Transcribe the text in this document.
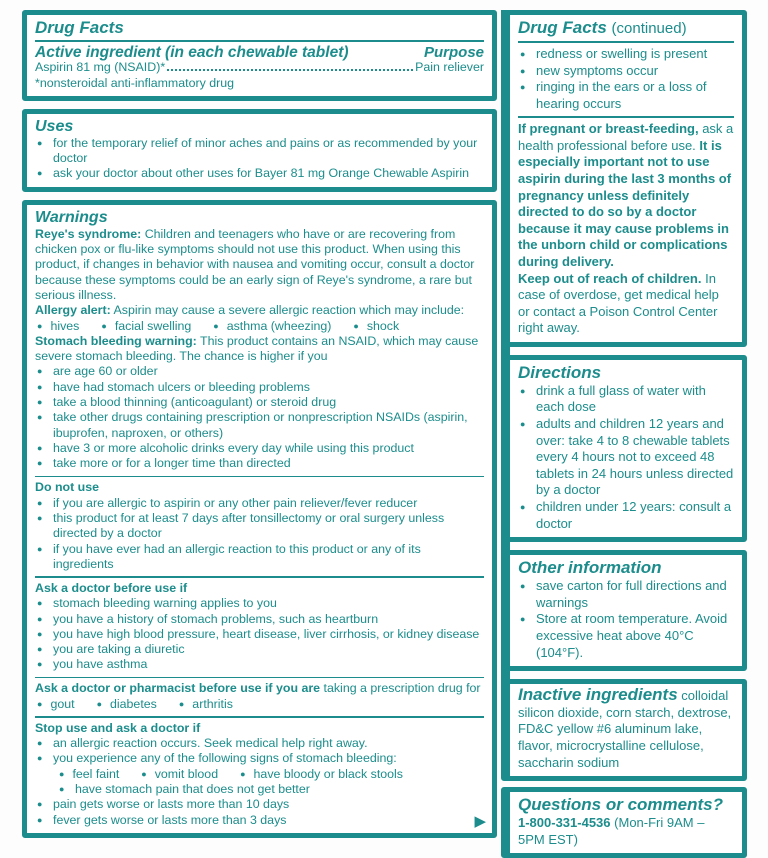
Drug Facts
Active ingredient (in each chewable tablet)	Purpose
Aspirin 81 mg (NSAID)*	Pain reliever
*nonsteroidal anti-inflammatory drug
Uses
● for the temporary relief of minor aches and pains or as recommended by your doctor
● ask your doctor about other uses for Bayer 81 mg Orange Chewable Aspirin
Warnings
Reye's syndrome: Children and teenagers who have or are recovering from chicken pox or flu-like symptoms should not use this product. When using this product, if changes in behavior with nausea and vomiting occur, consult a doctor because these symptoms could be an early sign of Reye's syndrome, a rare but serious illness.
Allergy alert: Aspirin may cause a severe allergic reaction which may include:
● hives ● facial swelling ● asthma (wheezing) ● shock
Stomach bleeding warning: This product contains an NSAID, which may cause severe stomach bleeding. The chance is higher if you
● are age 60 or older
● have had stomach ulcers or bleeding problems
● take a blood thinning (anticoagulant) or steroid drug
● take other drugs containing prescription or nonprescription NSAIDs (aspirin, ibuprofen, naproxen, or others)
● have 3 or more alcoholic drinks every day while using this product
● take more or for a longer time than directed
Do not use
● if you are allergic to aspirin or any other pain reliever/fever reducer
● this product for at least 7 days after tonsillectomy or oral surgery unless directed by a doctor
● if you have ever had an allergic reaction to this product or any of its ingredients
Ask a doctor before use if
● stomach bleeding warning applies to you
● you have a history of stomach problems, such as heartburn
● you have high blood pressure, heart disease, liver cirrhosis, or kidney disease
● you are taking a diuretic
● you have asthma
Ask a doctor or pharmacist before use if you are taking a prescription drug for
● gout ● diabetes ● arthritis
Stop use and ask a doctor if
● an allergic reaction occurs. Seek medical help right away.
● you experience any of the following signs of stomach bleeding:
● feel faint ● vomit blood ● have bloody or black stools
● have stomach pain that does not get better
● pain gets worse or lasts more than 10 days
● fever gets worse or lasts more than 3 days	▶
Drug Facts (continued)
● redness or swelling is present
● new symptoms occur
● ringing in the ears or a loss of hearing occurs
If pregnant or breast-feeding, ask a health professional before use. It is especially important not to use aspirin during the last 3 months of pregnancy unless definitely directed to do so by a doctor because it may cause problems in the unborn child or complications during delivery.
Keep out of reach of children. In case of overdose, get medical help or contact a Poison Control Center right away.
Directions
● drink a full glass of water with each dose
● adults and children 12 years and over: take 4 to 8 chewable tablets every 4 hours not to exceed 48 tablets in 24 hours unless directed by a doctor
● children under 12 years: consult a doctor
Other information
● save carton for full directions and warnings
● Store at room temperature. Avoid excessive heat above 40°C (104°F).
Inactive ingredients colloidal silicon dioxide, corn starch, dextrose, FD&C yellow #6 aluminum lake, flavor, microcrystalline cellulose, saccharin sodium
Questions or comments?
1-800-331-4536 (Mon-Fri 9AM – 5PM EST)
